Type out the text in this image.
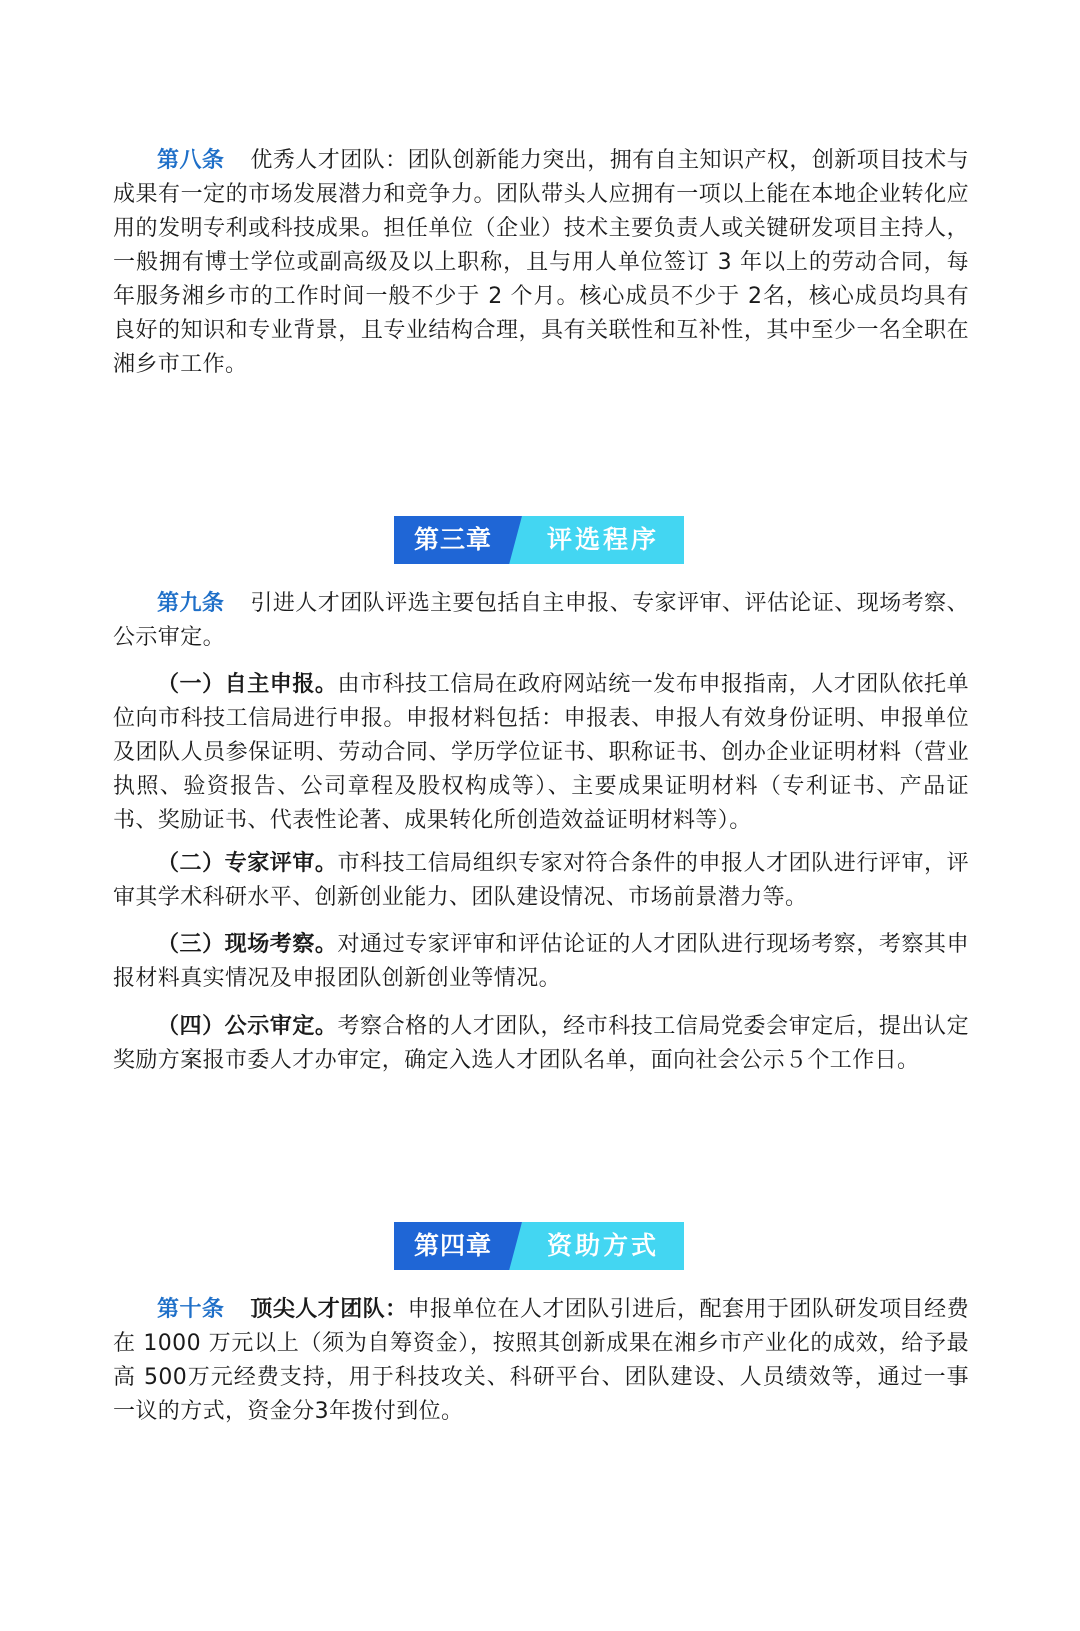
第八条 优秀人才团队：团队创新能力突出，拥有自主知识产权，创新项目技术与成果有一定的市场发展潜力和竞争力。团队带头人应拥有一项以上能在本地企业转化应用的发明专利或科技成果。担任单位（企业）技术主要负责人或关键研发项目主持人，一般拥有博士学位或副高级及以上职称，且与用人单位签订 3 年以上的劳动合同，每年服务湘乡市的工作时间一般不少于 2 个月。核心成员不少于 2名，核心成员均具有良好的知识和专业背景，且专业结构合理，具有关联性和互补性，其中至少一名全职在湘乡市工作。

第三章	评选程序

第九条 引进人才团队评选主要包括自主申报、专家评审、评估论证、现场考察、公示审定。

（一）自主申报。由市科技工信局在政府网站统一发布申报指南，人才团队依托单位向市科技工信局进行申报。申报材料包括：申报表、申报人有效身份证明、申报单位及团队人员参保证明、劳动合同、学历学位证书、职称证书、创办企业证明材料（营业执照、验资报告、公司章程及股权构成等）、主要成果证明材料（专利证书、产品证书、奖励证书、代表性论著、成果转化所创造效益证明材料等）。

（二）专家评审。市科技工信局组织专家对符合条件的申报人才团队进行评审，评审其学术科研水平、创新创业能力、团队建设情况、市场前景潜力等。

（三）现场考察。对通过专家评审和评估论证的人才团队进行现场考察，考察其申报材料真实情况及申报团队创新创业等情况。

（四）公示审定。考察合格的人才团队，经市科技工信局党委会审定后，提出认定奖励方案报市委人才办审定，确定入选人才团队名单，面向社会公示５个工作日。

第四章	资助方式

第十条 顶尖人才团队：申报单位在人才团队引进后，配套用于团队研发项目经费在 1000 万元以上（须为自筹资金），按照其创新成果在湘乡市产业化的成效，给予最高 500万元经费支持，用于科技攻关、科研平台、团队建设、人员绩效等，通过一事一议的方式，资金分3年拨付到位。
